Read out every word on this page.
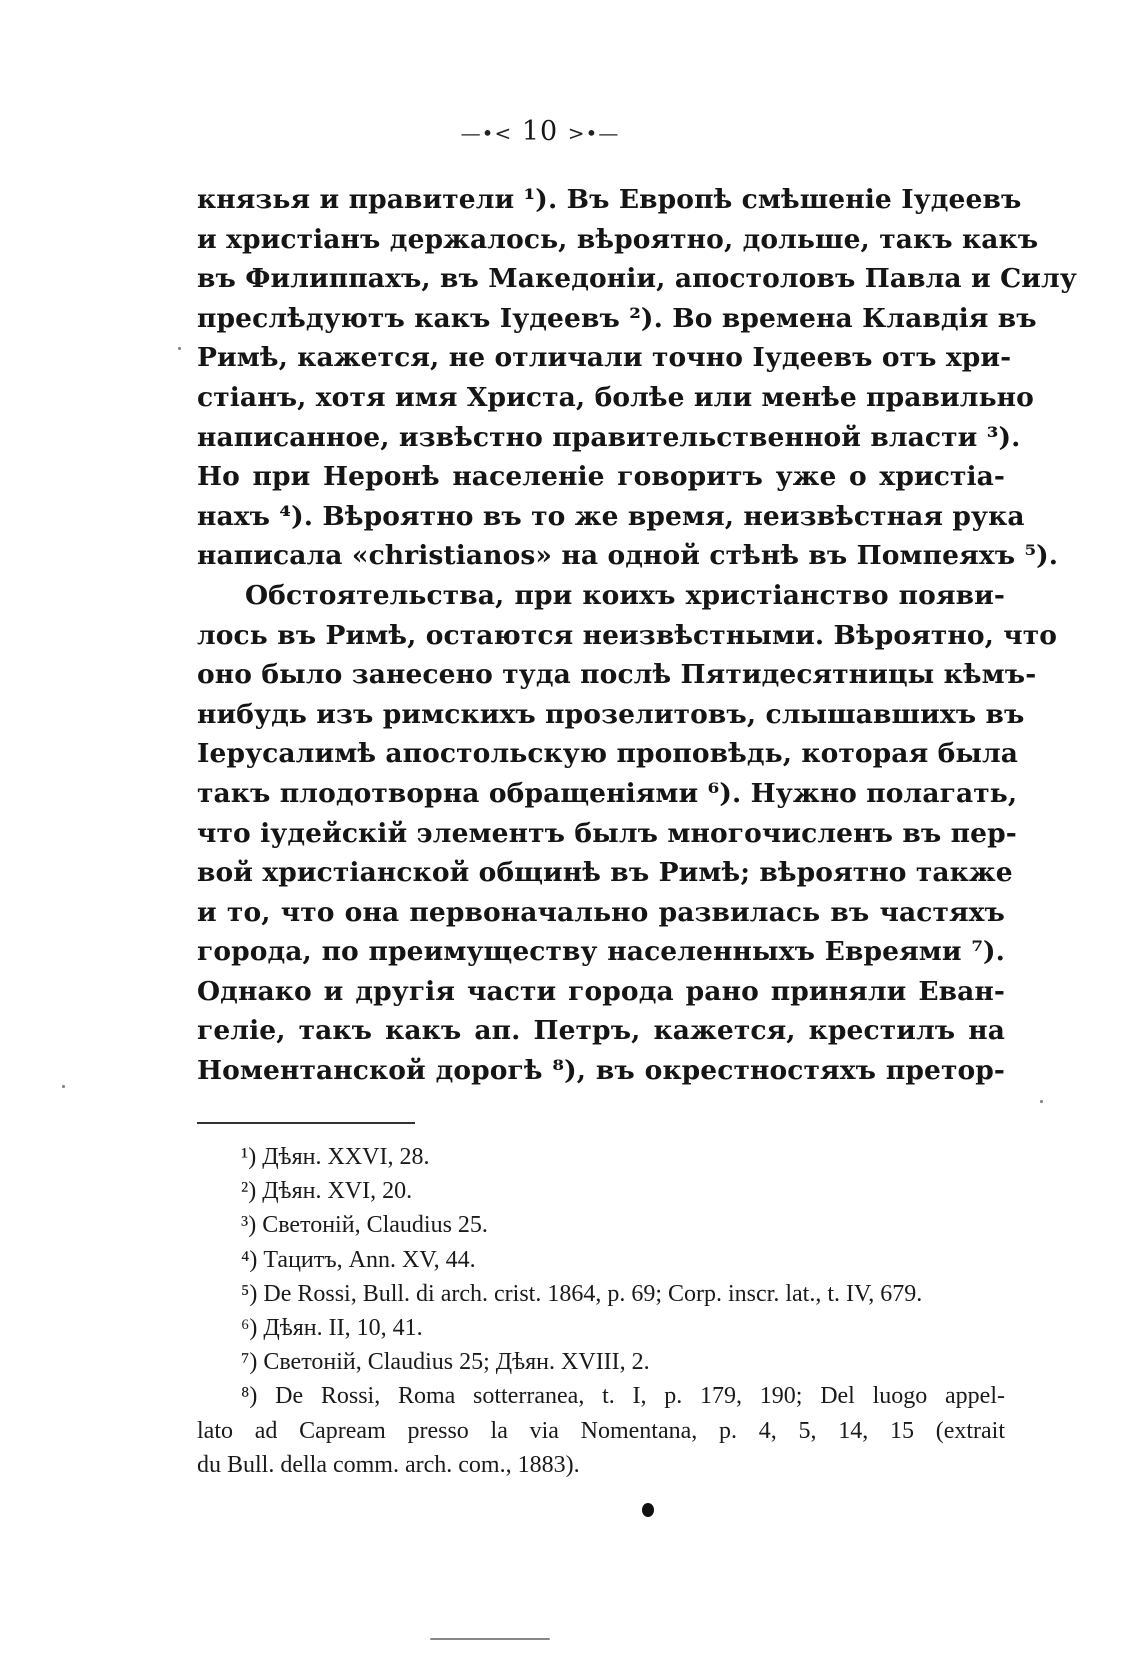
—•< 10 >•—
князья и правители ¹). Въ Европѣ смѣшеніе Іудеевъ
и христіанъ держалось, вѣроятно, дольше, такъ какъ
въ Филиппахъ, въ Македоніи, апостоловъ Павла и Силу
преслѣдуютъ какъ Іудеевъ ²). Во времена Клавдія въ
Римѣ, кажется, не отличали точно Іудеевъ отъ хри-
стіанъ, хотя имя Христа, болѣе или менѣе правильно
написанное, извѣстно правительственной власти ³).
Но при Неронѣ населеніе говоритъ уже о христіа-
нахъ ⁴). Вѣроятно въ то же время, неизвѣстная рука
написала «christianos» на одной стѣнѣ въ Помпеяхъ ⁵).
Обстоятельства, при коихъ христіанство появи-
лось въ Римѣ, остаются неизвѣстными. Вѣроятно, что
оно было занесено туда послѣ Пятидесятницы кѣмъ-
нибудь изъ римскихъ прозелитовъ, слышавшихъ въ
Іерусалимѣ апостольскую проповѣдь, которая была
такъ плодотворна обращеніями ⁶). Нужно полагать,
что іудейскій элементъ былъ многочисленъ въ пер-
вой христіанской общинѣ въ Римѣ; вѣроятно также
и то, что она первоначально развилась въ частяхъ
города, по преимуществу населенныхъ Евреями ⁷).
Однако и другія части города рано приняли Еван-
геліе, такъ какъ ап. Петръ, кажется, крестилъ на
Номентанской дорогѣ ⁸), въ окрестностяхъ претор-
¹) Дѣян. XXVI, 28.
²) Дѣян. XVI, 20.
³) Светоній, Claudius 25.
⁴) Тацитъ, Ann. XV, 44.
⁵) De Rossi, Bull. di arch. crist. 1864, p. 69; Corp. inscr. lat., t. IV, 679.
⁶) Дѣян. II, 10, 41.
⁷) Светоній, Claudius 25; Дѣян. XVIII, 2.
⁸) De Rossi, Roma sotterranea, t. I, p. 179, 190; Del luogo appel-
lato ad Capream presso la via Nomentana, p. 4, 5, 14, 15 (extrait
du Bull. della comm. arch. com., 1883).
